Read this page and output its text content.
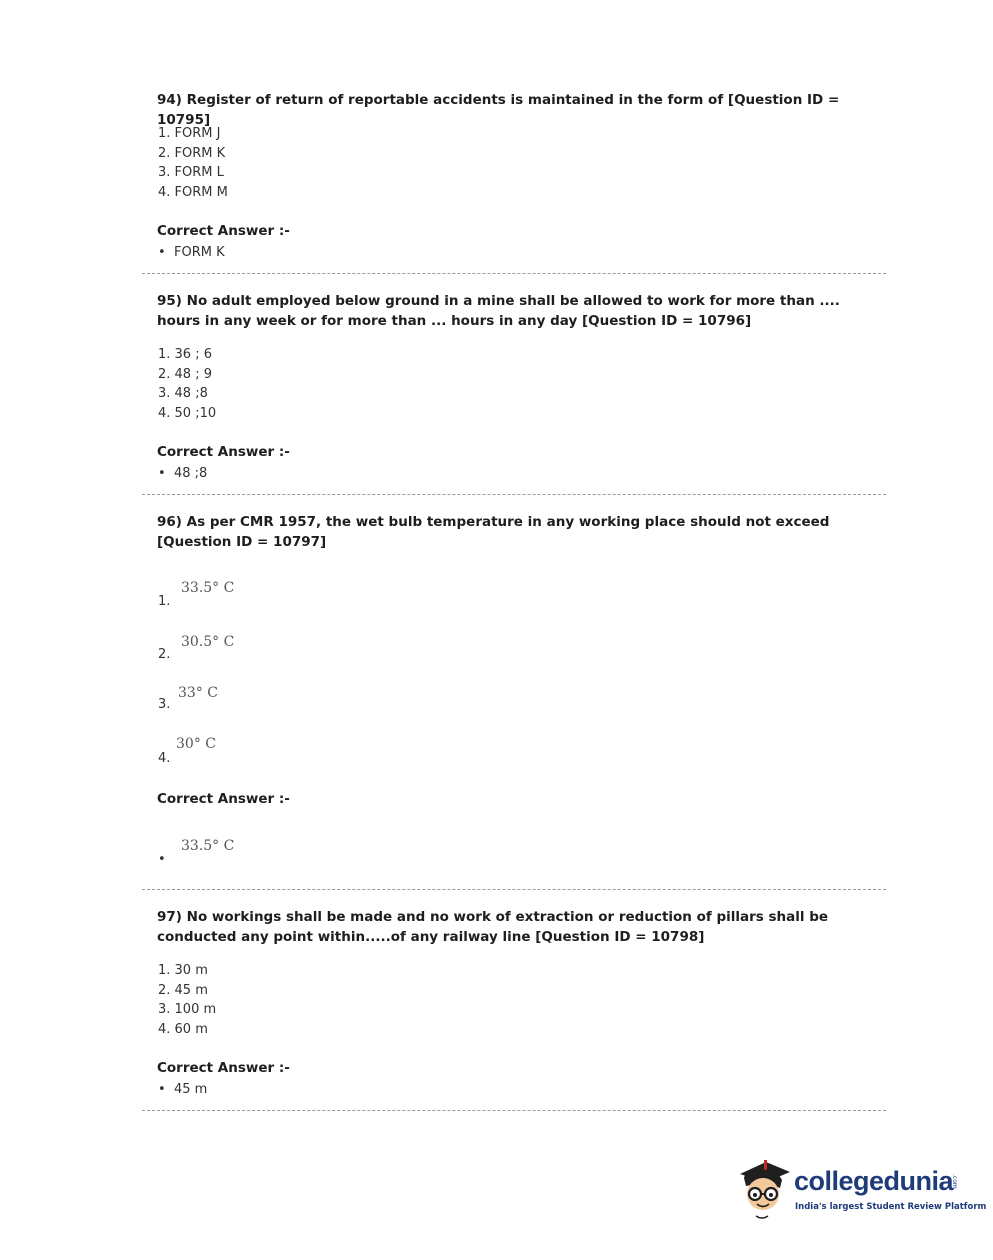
94) Register of return of reportable accidents is maintained in the form of [Question ID = 10795]
1. FORM J
2. FORM K
3. FORM L
4. FORM M
Correct Answer :-
• FORM K
95) No adult employed below ground in a mine shall be allowed to work for more than .... hours in any week or for more than ... hours in any day [Question ID = 10796]
1. 36 ; 6
2. 48 ; 9
3. 48 ;8
4. 50 ;10
Correct Answer :-
• 48 ;8
96) As per CMR 1957, the wet bulb temperature in any working place should not exceed [Question ID = 10797]
33.5° C
1.
30.5° C
2.
33° C
3.
30° C
4.
Correct Answer :-
33.5° C
•
97) No workings shall be made and no work of extraction or reduction of pillars shall be conducted any point within.....of any railway line [Question ID = 10798]
1. 30 m
2. 45 m
3. 100 m
4. 60 m
Correct Answer :-
• 45 m
collegedunia
.com
India's largest Student Review Platform
